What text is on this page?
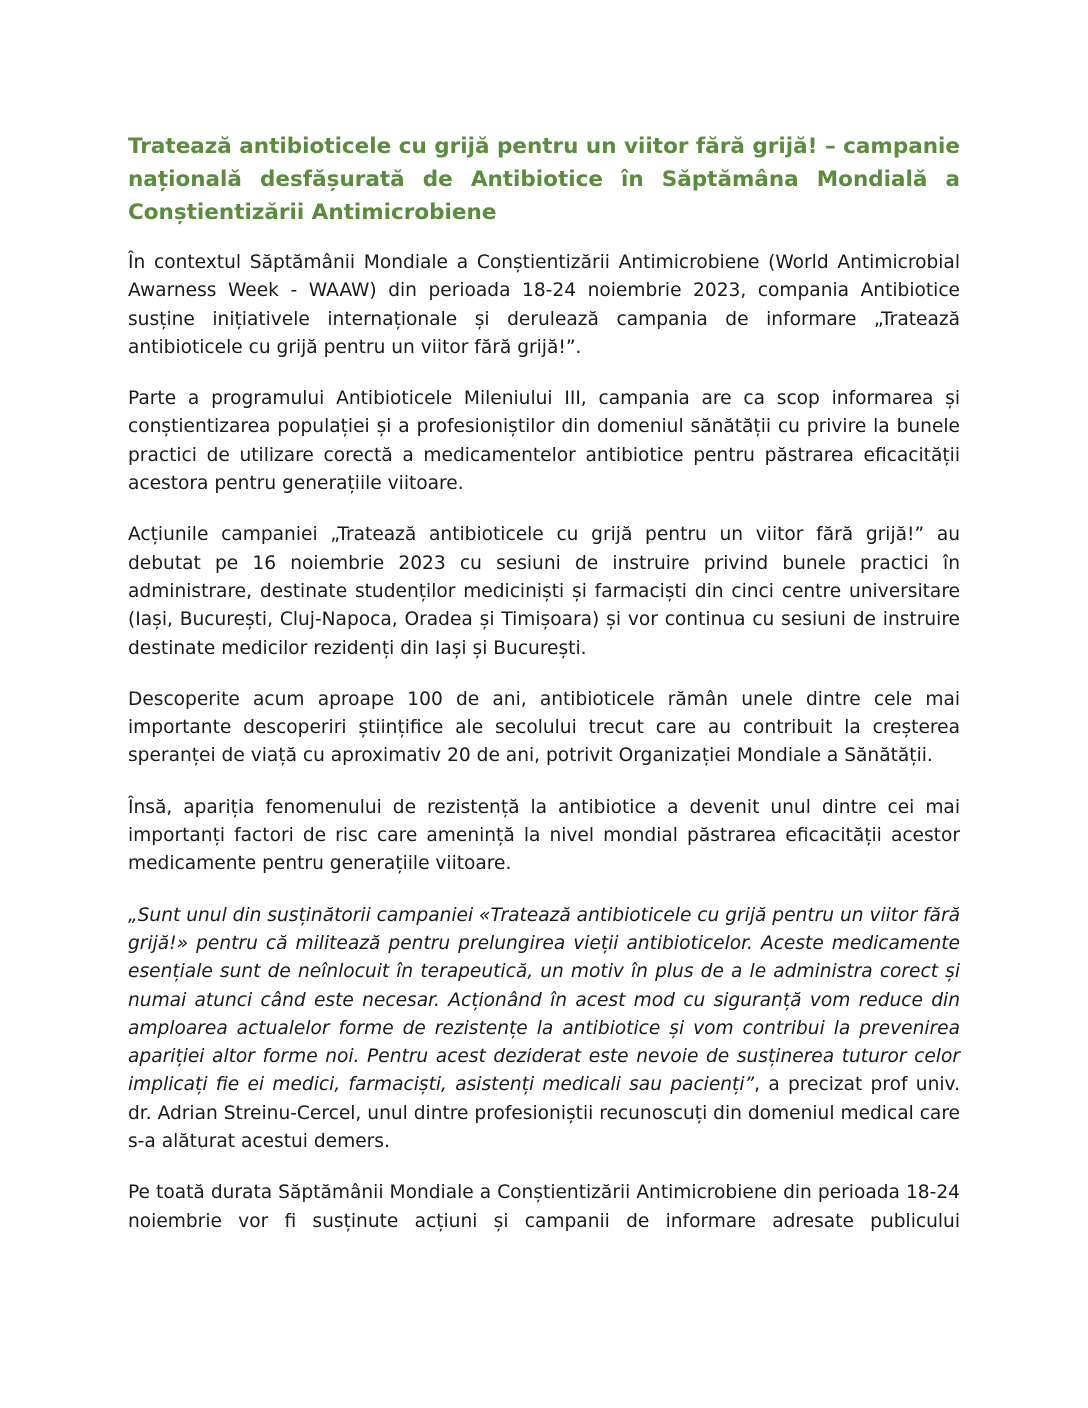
Tratează antibioticele cu grijă pentru un viitor fără grijă! – campanie națională desfășurată de Antibiotice în Săptămâna Mondială a Conștientizării Antimicrobiene

În contextul Săptămânii Mondiale a Conștientizării Antimicrobiene (World Antimicrobial Awarness Week - WAAW) din perioada 18-24 noiembrie 2023, compania Antibiotice susține inițiativele internaționale și derulează campania de informare „Tratează antibioticele cu grijă pentru un viitor fără grijă!”.

Parte a programului Antibioticele Mileniului III, campania are ca scop informarea și conștientizarea populației și a profesioniștilor din domeniul sănătății cu privire la bunele practici de utilizare corectă a medicamentelor antibiotice pentru păstrarea eficacității acestora pentru generațiile viitoare.

Acțiunile campaniei „Tratează antibioticele cu grijă pentru un viitor fără grijă!” au debutat pe 16 noiembrie 2023 cu sesiuni de instruire privind bunele practici în administrare, destinate studenților mediciniști și farmaciști din cinci centre universitare (Iași, București, Cluj-Napoca, Oradea și Timișoara) și vor continua cu sesiuni de instruire destinate medicilor rezidenți din Iași și București.

Descoperite acum aproape 100 de ani, antibioticele rămân unele dintre cele mai importante descoperiri științifice ale secolului trecut care au contribuit la creșterea speranței de viață cu aproximativ 20 de ani, potrivit Organizației Mondiale a Sănătății.

Însă, apariția fenomenului de rezistență la antibiotice a devenit unul dintre cei mai importanți factori de risc care amenință la nivel mondial păstrarea eficacității acestor medicamente pentru generațiile viitoare.

„Sunt unul din susținătorii campaniei «Tratează antibioticele cu grijă pentru un viitor fără grijă!» pentru că militează pentru prelungirea vieții antibioticelor. Aceste medicamente esențiale sunt de neînlocuit în terapeutică, un motiv în plus de a le administra corect și numai atunci când este necesar. Acționând în acest mod cu siguranță vom reduce din amploarea actualelor forme de rezistențe la antibiotice și vom contribui la prevenirea apariției altor forme noi. Pentru acest deziderat este nevoie de susținerea tuturor celor implicați fie ei medici, farmaciști, asistenți medicali sau pacienți”, a precizat prof univ. dr. Adrian Streinu-Cercel, unul dintre profesioniștii recunoscuți din domeniul medical care s-a alăturat acestui demers.

Pe toată durata Săptămânii Mondiale a Conștientizării Antimicrobiene din perioada 18-24 noiembrie vor fi susținute acțiuni și campanii de informare adresate publicului
